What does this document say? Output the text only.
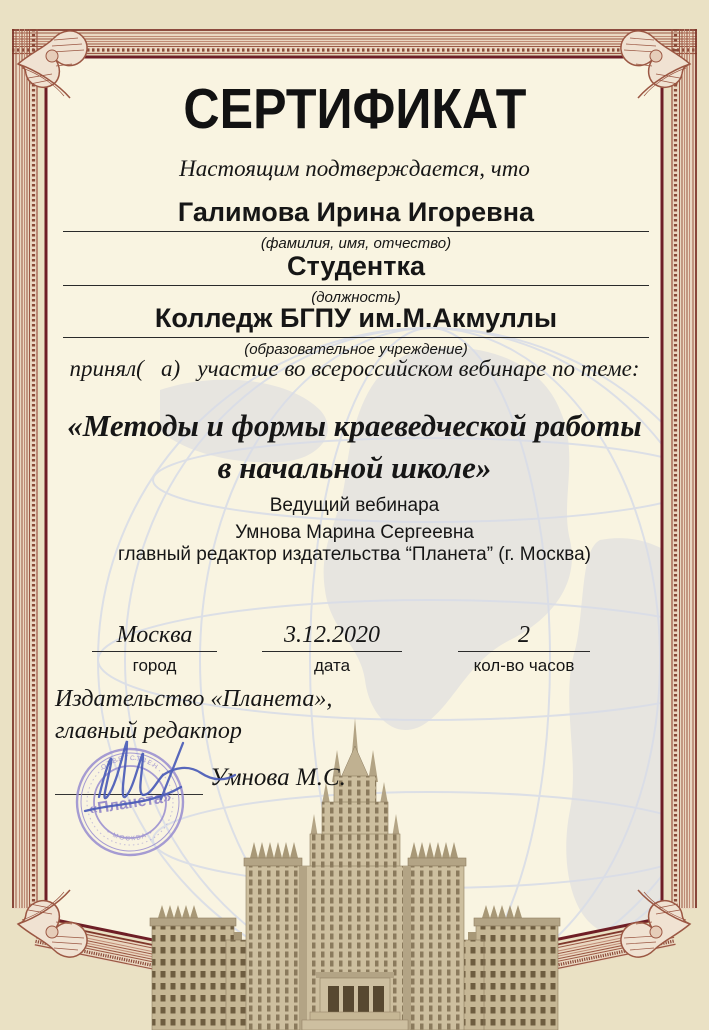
СЕРТИФИКАТ
Настоящим подтверждается, что
Галимова Ирина Игоревна
(фамилия, имя, отчество)
Студентка
(должность)
Колледж БГПУ им.М.Акмуллы
(образовательное учреждение)
принял(   а)   участие во всероссийском вебинаре по теме:
«Методы и формы краеведческой работы
в начальной школе»
Ведущий вебинара
Умнова Марина Сергеевна
главный редактор издательства “Планета” (г. Москва)
Москва
город
3.12.2020
дата
2
кол-во часов
Издательство «Планета»,
главный редактор
Умнова М.С.
ОТВЕТСТВЕН
• МОСКВА •
«Планета»
